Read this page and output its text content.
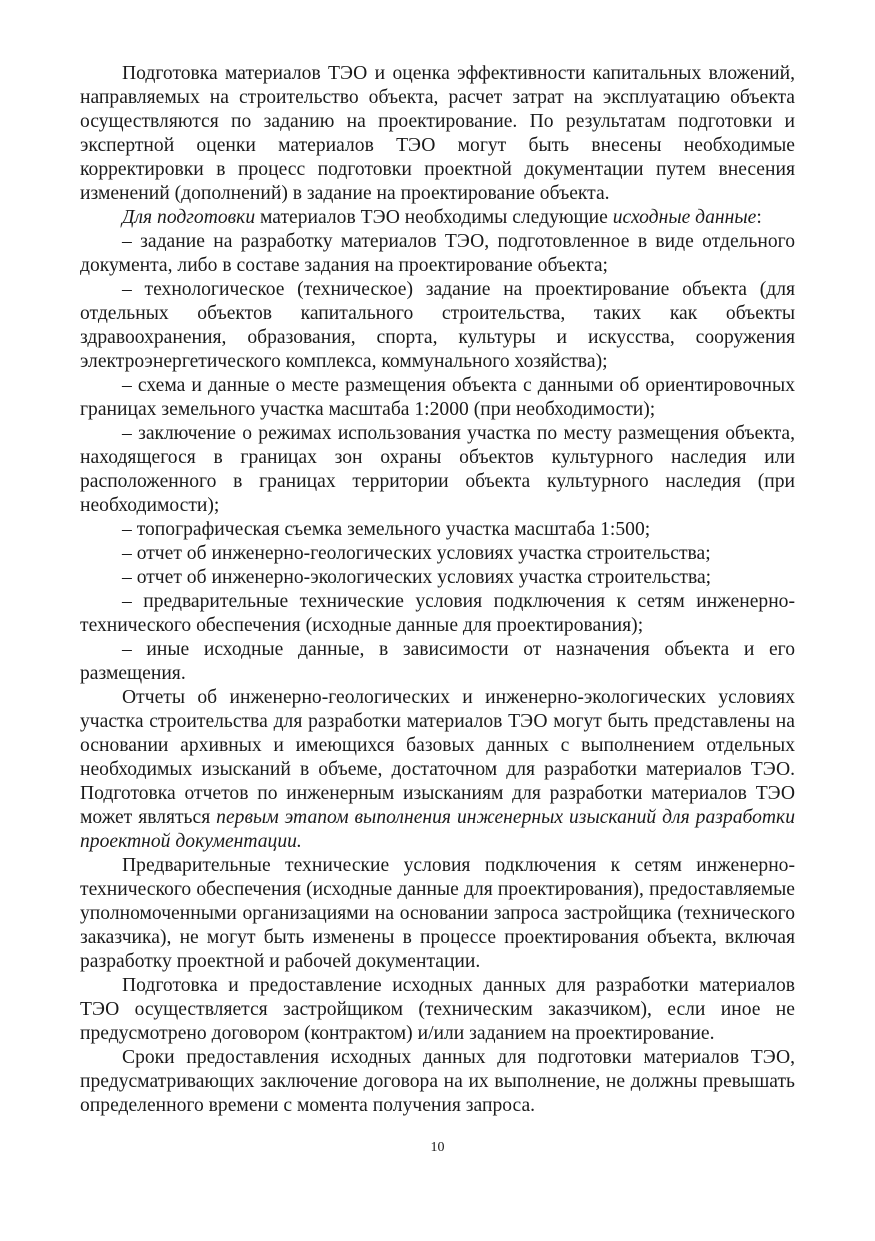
Подготовка материалов ТЭО и оценка эффективности капитальных вложений, направляемых на строительство объекта, расчет затрат на эксплуатацию объекта осуществляются по заданию на проектирование. По результатам подготовки и экспертной оценки материалов ТЭО могут быть внесены необходимые корректировки в процесс подготовки проектной документации путем внесения изменений (дополнений) в задание на проектирование объекта.

Для подготовки материалов ТЭО необходимы следующие исходные данные:

– задание на разработку материалов ТЭО, подготовленное в виде отдельного документа, либо в составе задания на проектирование объекта;

– технологическое (техническое) задание на проектирование объекта (для отдельных объектов капитального строительства, таких как объекты здравоохранения, образования, спорта, культуры и искусства, сооружения электроэнергетического комплекса, коммунального хозяйства);

– схема и данные о месте размещения объекта с данными об ориентировочных границах земельного участка масштаба 1:2000 (при необходимости);

– заключение о режимах использования участка по месту размещения объекта, находящегося в границах зон охраны объектов культурного наследия или расположенного в границах территории объекта культурного наследия (при необходимости);

– топографическая съемка земельного участка масштаба 1:500;

– отчет об инженерно-геологических условиях участка строительства;

– отчет об инженерно-экологических условиях участка строительства;

– предварительные технические условия подключения к сетям инженерно-технического обеспечения (исходные данные для проектирования);

– иные исходные данные, в зависимости от назначения объекта и его размещения.

Отчеты об инженерно-геологических и инженерно-экологических условиях участка строительства для разработки материалов ТЭО могут быть представлены на основании архивных и имеющихся базовых данных с выполнением отдельных необходимых изысканий в объеме, достаточном для разработки материалов ТЭО. Подготовка отчетов по инженерным изысканиям для разработки материалов ТЭО может являться первым этапом выполнения инженерных изысканий для разработки проектной документации.

Предварительные технические условия подключения к сетям инженерно-технического обеспечения (исходные данные для проектирования), предоставляемые уполномоченными организациями на основании запроса застройщика (технического заказчика), не могут быть изменены в процессе проектирования объекта, включая разработку проектной и рабочей документации.

Подготовка и предоставление исходных данных для разработки материалов ТЭО осуществляется застройщиком (техническим заказчиком), если иное не предусмотрено договором (контрактом) и/или заданием на проектирование.

Сроки предоставления исходных данных для подготовки материалов ТЭО, предусматривающих заключение договора на их выполнение, не должны превышать определенного времени с момента получения запроса.

10
